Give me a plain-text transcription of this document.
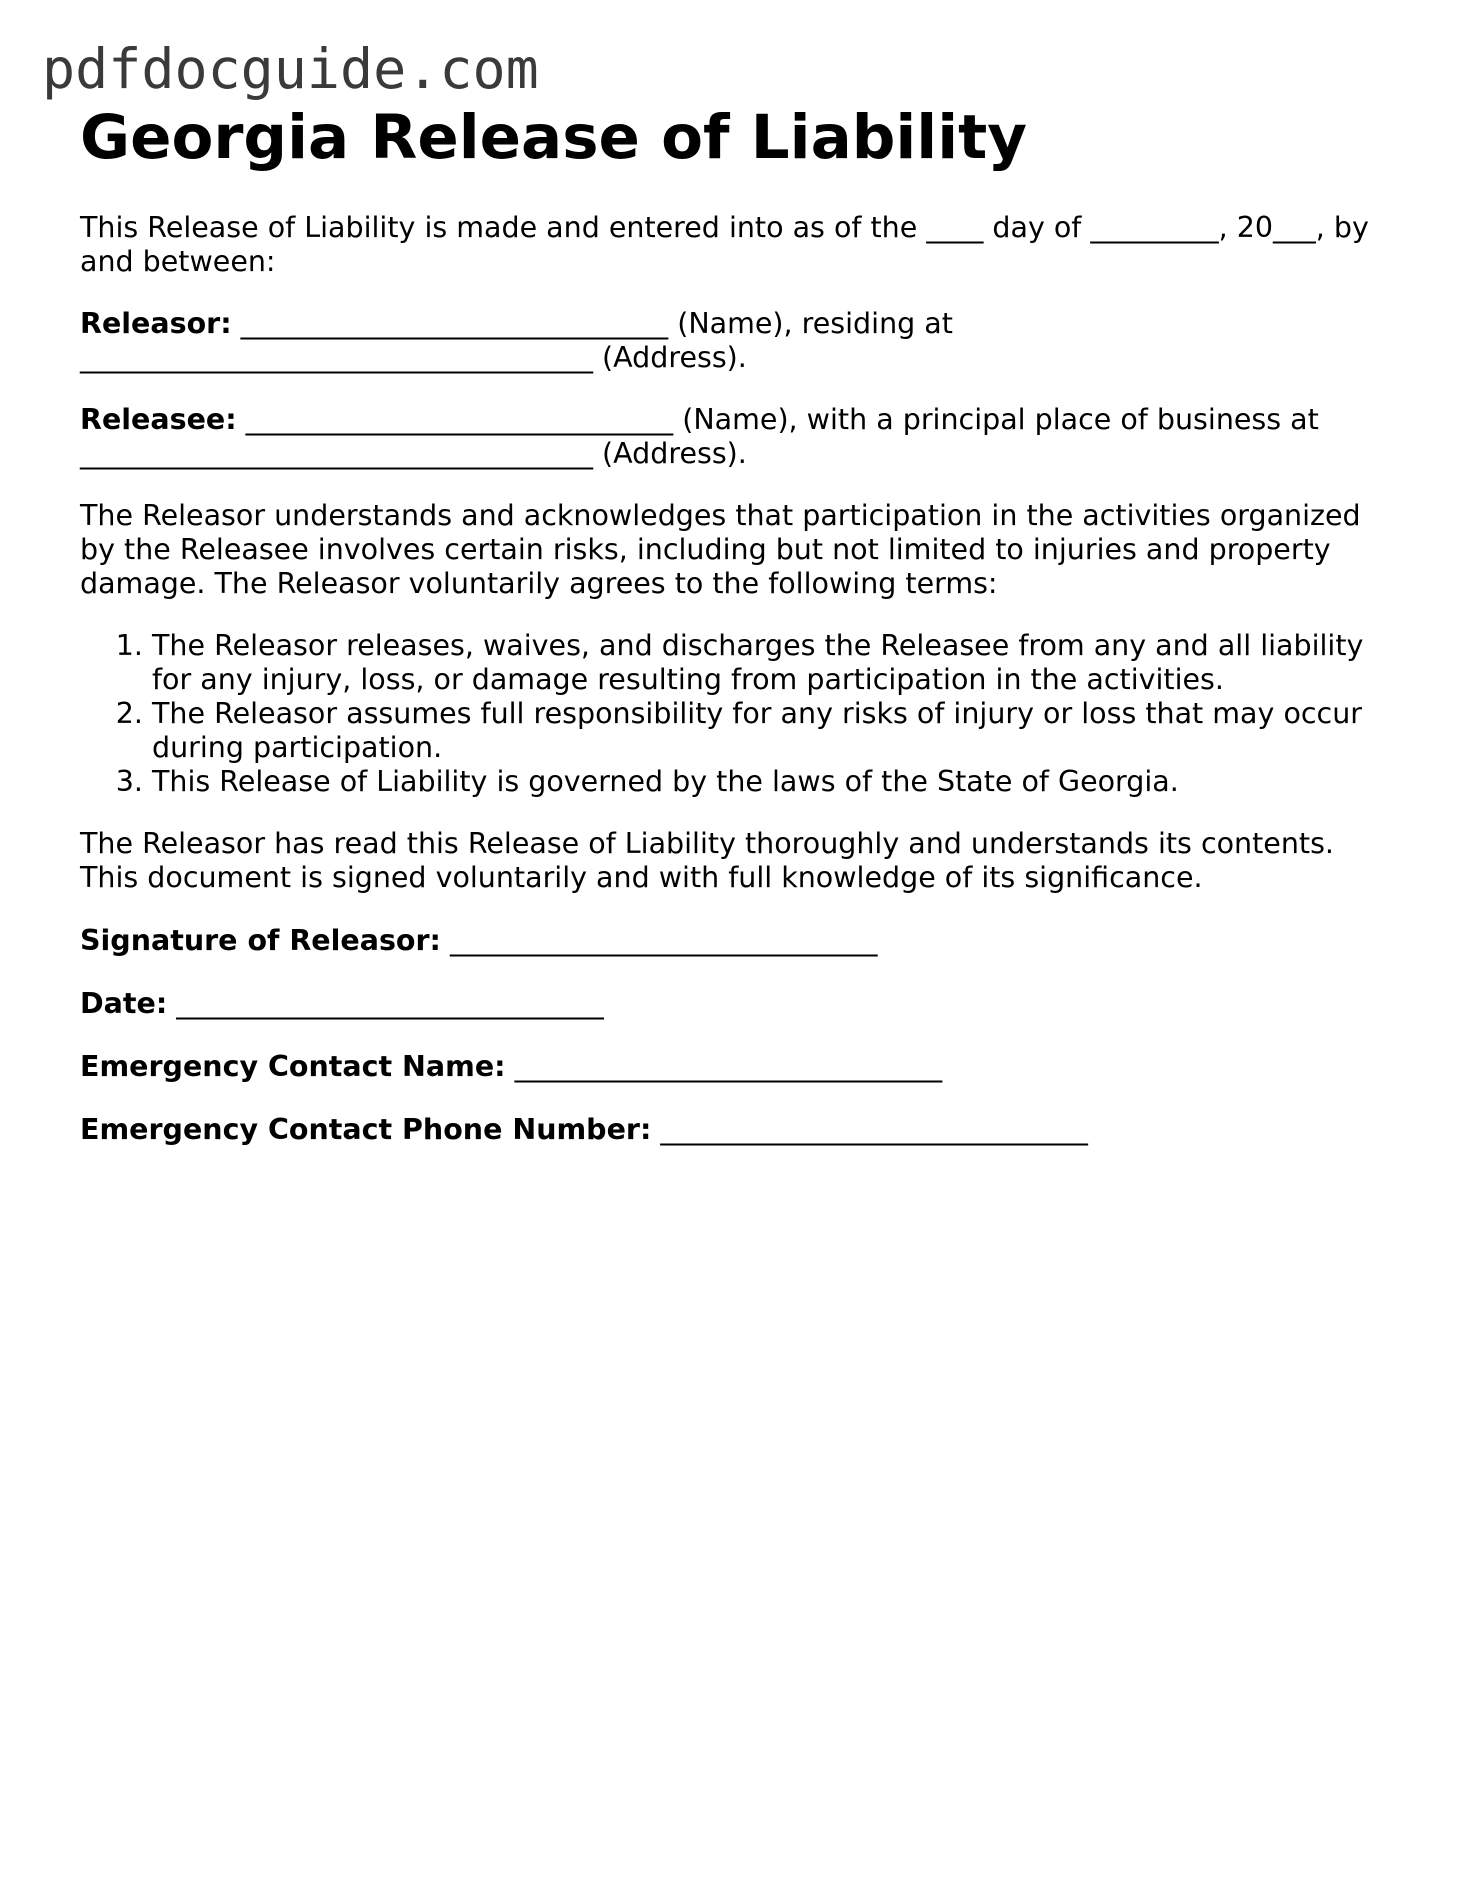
pdfdocguide.com
Georgia Release of Liability

This Release of Liability is made and entered into as of the ____ day of _________, 20___, by and between:

Releasor: ______________________________ (Name), residing at
____________________________________ (Address).

Releasee: ______________________________ (Name), with a principal place of business at
____________________________________ (Address).

The Releasor understands and acknowledges that participation in the activities organized by the Releasee involves certain risks, including but not limited to injuries and property damage. The Releasor voluntarily agrees to the following terms:

1. The Releasor releases, waives, and discharges the Releasee from any and all liability for any injury, loss, or damage resulting from participation in the activities.
2. The Releasor assumes full responsibility for any risks of injury or loss that may occur during participation.
3. This Release of Liability is governed by the laws of the State of Georgia.

The Releasor has read this Release of Liability thoroughly and understands its contents. This document is signed voluntarily and with full knowledge of its significance.

Signature of Releasor: ______________________________
Date: ______________________________
Emergency Contact Name: ______________________________
Emergency Contact Phone Number: ______________________________
